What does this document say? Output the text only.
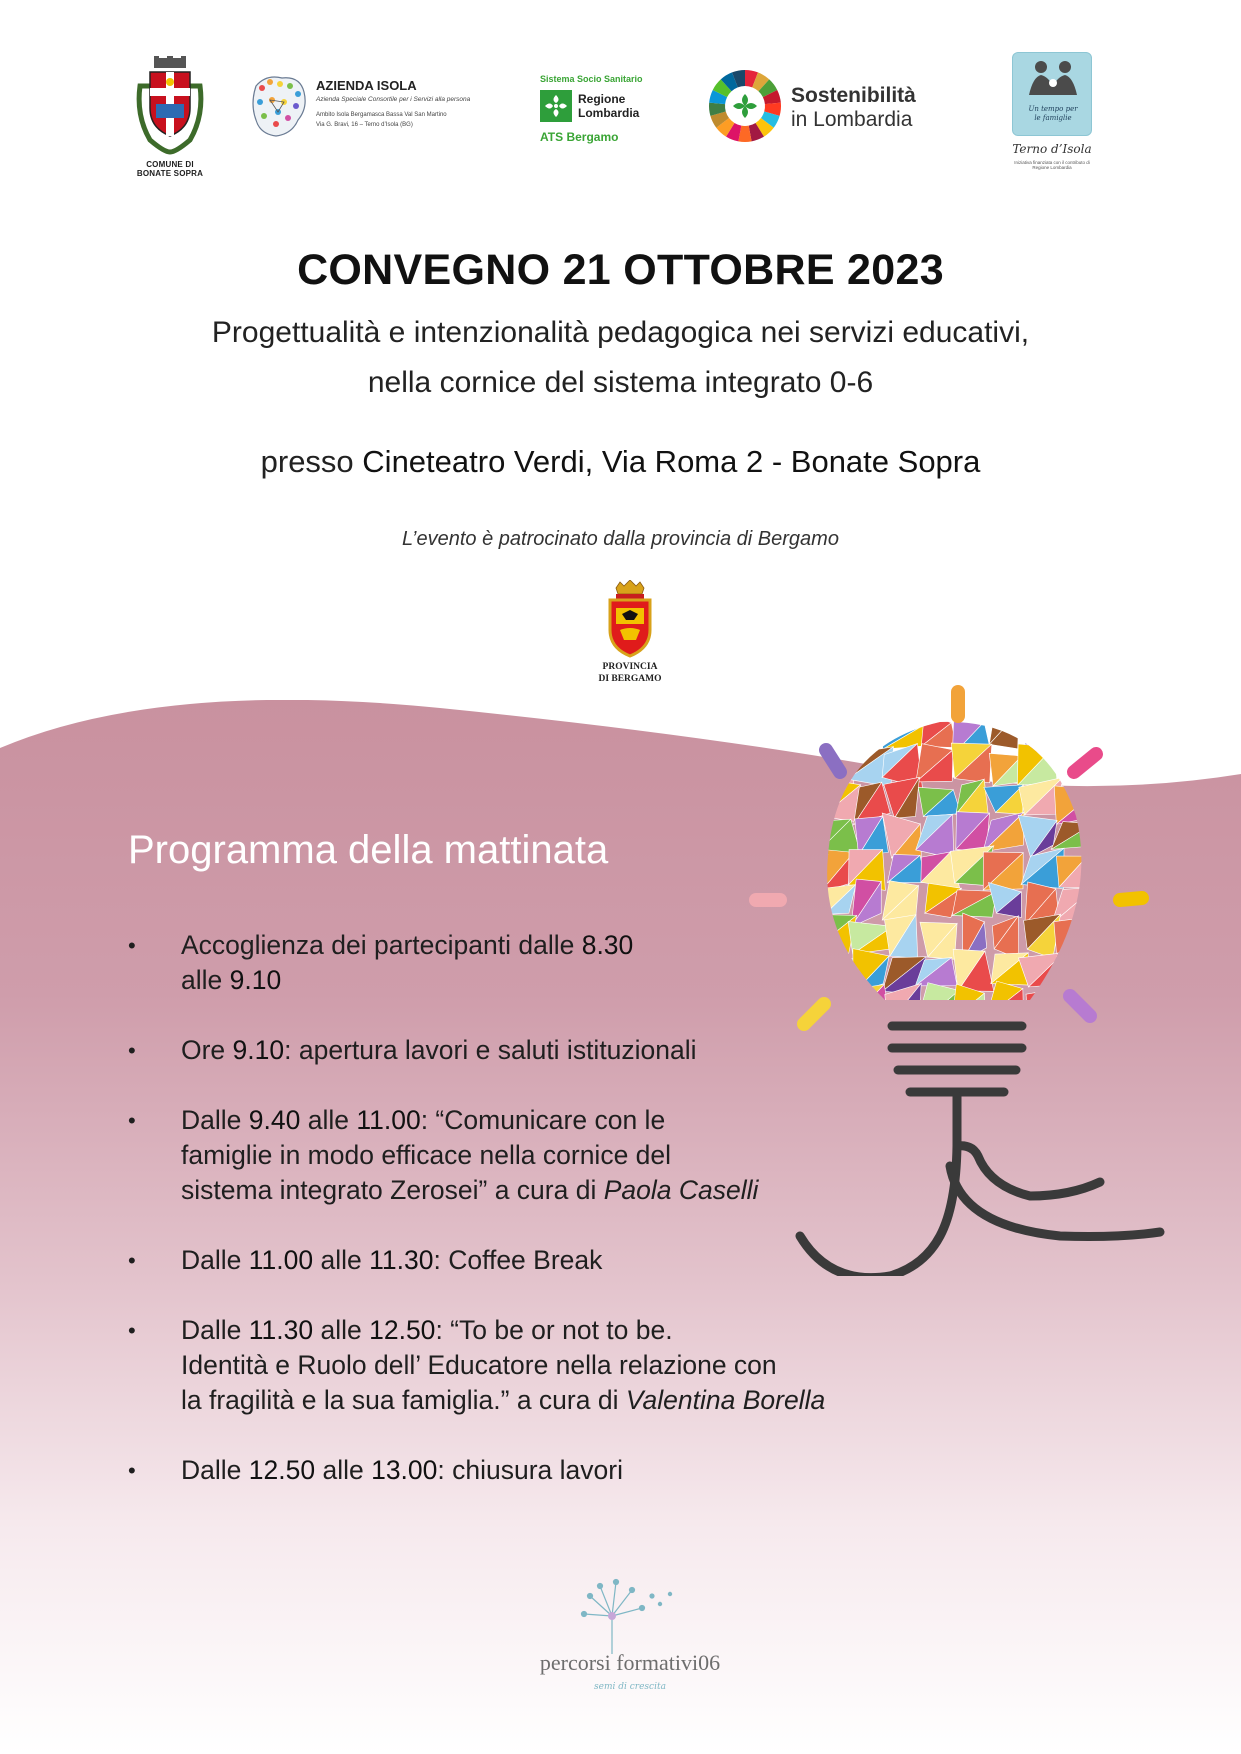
COMUNE DI
BONATE SOPRA
AZIENDA ISOLA
Azienda Speciale Consortile per i Servizi alla persona
Ambito Isola Bergamasca Bassa Val San Martino
Via G. Bravi, 16 – Terno d’Isola (BG)
Sistema Socio Sanitario
Regione
Lombardia
ATS Bergamo
Sostenibilità
in Lombardia	Un tempo per
le famiglie
Terno d’Isola
Iniziativa finanziata con il contributo di Regione Lombardia
CONVEGNO 21 OTTOBRE 2023
Progettualità e intenzionalità pedagogica nei servizi educativi,
nella cornice del sistema integrato 0-6
presso Cineteatro Verdi, Via Roma 2 - Bonate Sopra
L’evento è patrocinato dalla provincia di Bergamo
PROVINCIA
DI BERGAMO
Programma della mattinata
• Accoglienza dei partecipanti dalle 8.30
alle 9.10
• Ore 9.10: apertura lavori e saluti istituzionali
• Dalle 9.40 alle 11.00: “Comunicare con le
famiglie in modo efficace nella cornice del
sistema integrato Zerosei” a cura di Paola Caselli
• Dalle 11.00 alle 11.30: Coffee Break
• Dalle 11.30 alle 12.50: “To be or not to be.
Identità e Ruolo dell’ Educatore nella relazione con
la fragilità e la sua famiglia.” a cura di Valentina Borella
• Dalle 12.50 alle 13.00: chiusura lavori
percorsi formativi06
semi di crescita
